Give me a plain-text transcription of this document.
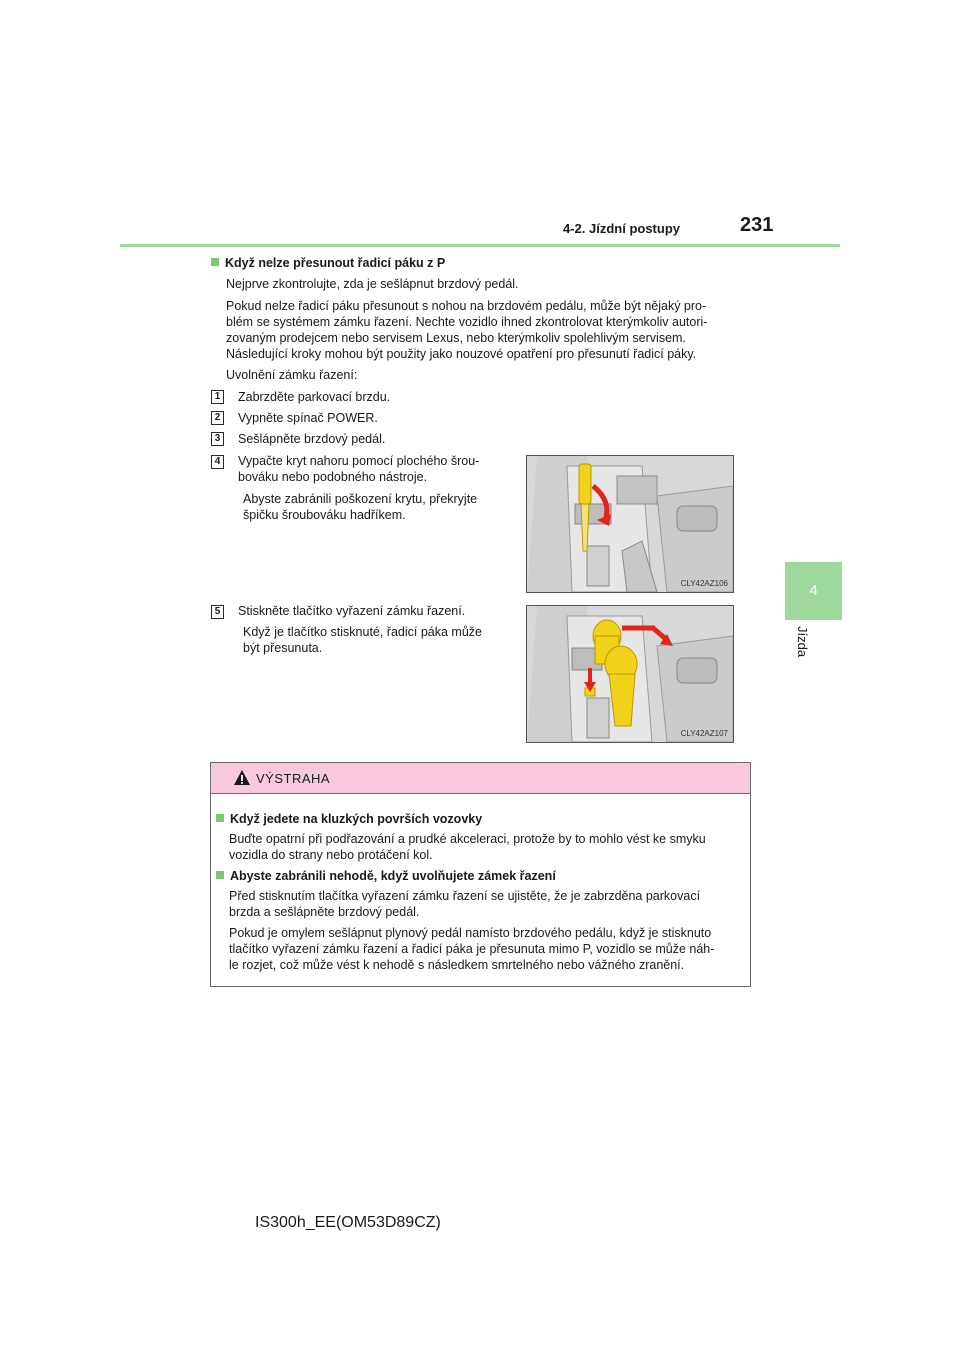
4-2. Jízdní postupy	231
4
Jízda
Když nelze přesunout řadicí páku z P
Nejprve zkontrolujte, zda je sešlápnut brzdový pedál.
Pokud nelze řadicí páku přesunout s nohou na brzdovém pedálu, může být nějaký pro-
blém se systémem zámku řazení. Nechte vozidlo ihned zkontrolovat kterýmkoliv autori-
zovaným prodejcem nebo servisem Lexus, nebo kterýmkoliv spolehlivým servisem.
Následující kroky mohou být použity jako nouzové opatření pro přesunutí řadicí páky.
Uvolnění zámku řazení:
1 Zabrzděte parkovací brzdu.
2 Vypněte spínač POWER.
3 Sešlápněte brzdový pedál.
4 Vypačte kryt nahoru pomocí plochého šrou-
bováku nebo podobného nástroje.
Abyste zabránili poškození krytu, překryjte
špičku šroubováku hadříkem.
CLY42AZ106
5 Stiskněte tlačítko vyřazení zámku řazení.
Když je tlačítko stisknuté, řadicí páka může
být přesunuta.
CLY42AZ107
VÝSTRAHA
Když jedete na kluzkých površích vozovky
Buďte opatrní při podřazování a prudké akceleraci, protože by to mohlo vést ke smyku
vozidla do strany nebo protáčení kol.
Abyste zabránili nehodě, když uvolňujete zámek řazení
Před stisknutím tlačítka vyřazení zámku řazení se ujistěte, že je zabrzděna parkovací
brzda a sešlápněte brzdový pedál.
Pokud je omylem sešlápnut plynový pedál namísto brzdového pedálu, když je stisknuto
tlačítko vyřazení zámku řazení a řadicí páka je přesunuta mimo P, vozidlo se může náh-
le rozjet, což může vést k nehodě s následkem smrtelného nebo vážného zranění.
IS300h_EE(OM53D89CZ)
